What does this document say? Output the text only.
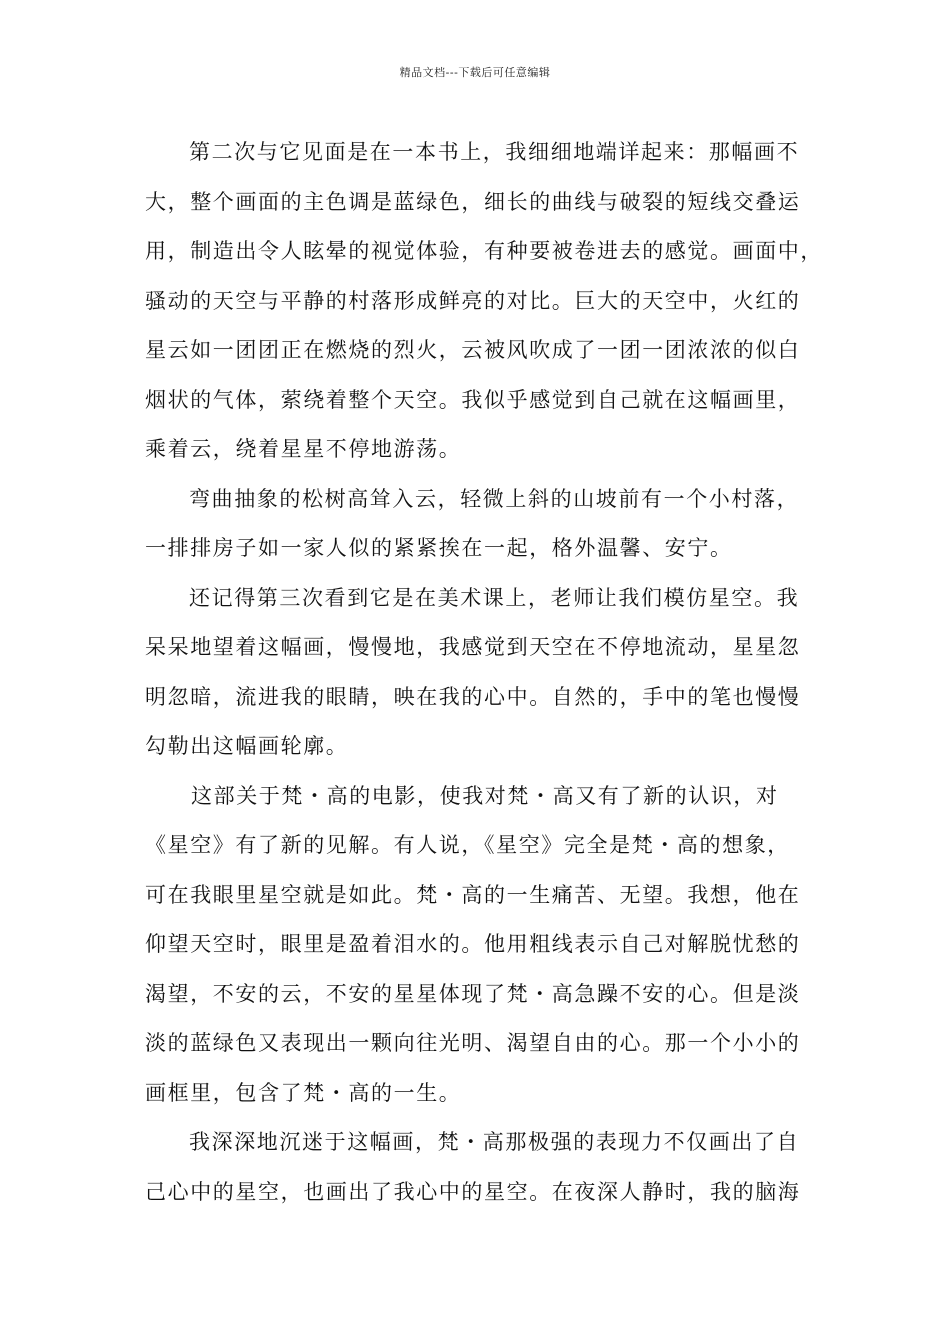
精品文档---下载后可任意编辑
第二次与它见面是在一本书上，我细细地端详起来：那幅画不
大，整个画面的主色调是蓝绿色，细长的曲线与破裂的短线交叠运
用，制造出令人眩晕的视觉体验，有种要被卷进去的感觉。画面中，
骚动的天空与平静的村落形成鲜亮的对比。巨大的天空中，火红的
星云如一团团正在燃烧的烈火，云被风吹成了一团一团浓浓的似白
烟状的气体，萦绕着整个天空。我似乎感觉到自己就在这幅画里，
乘着云，绕着星星不停地游荡。
弯曲抽象的松树高耸入云，轻微上斜的山坡前有一个小村落，
一排排房子如一家人似的紧紧挨在一起，格外温馨、安宁。
还记得第三次看到它是在美术课上，老师让我们模仿星空。我
呆呆地望着这幅画，慢慢地，我感觉到天空在不停地流动，星星忽
明忽暗，流进我的眼睛，映在我的心中。自然的，手中的笔也慢慢
勾勒出这幅画轮廓。
这部关于梵・高的电影，使我对梵・高又有了新的认识，对
《星空》有了新的见解。有人说，《星空》完全是梵・高的想象，
可在我眼里星空就是如此。梵・高的一生痛苦、无望。我想，他在
仰望天空时，眼里是盈着泪水的。他用粗线表示自己对解脱忧愁的
渴望，不安的云，不安的星星体现了梵・高急躁不安的心。但是淡
淡的蓝绿色又表现出一颗向往光明、渴望自由的心。那一个小小的
画框里，包含了梵・高的一生。
我深深地沉迷于这幅画，梵・高那极强的表现力不仅画出了自
己心中的星空，也画出了我心中的星空。在夜深人静时，我的脑海
